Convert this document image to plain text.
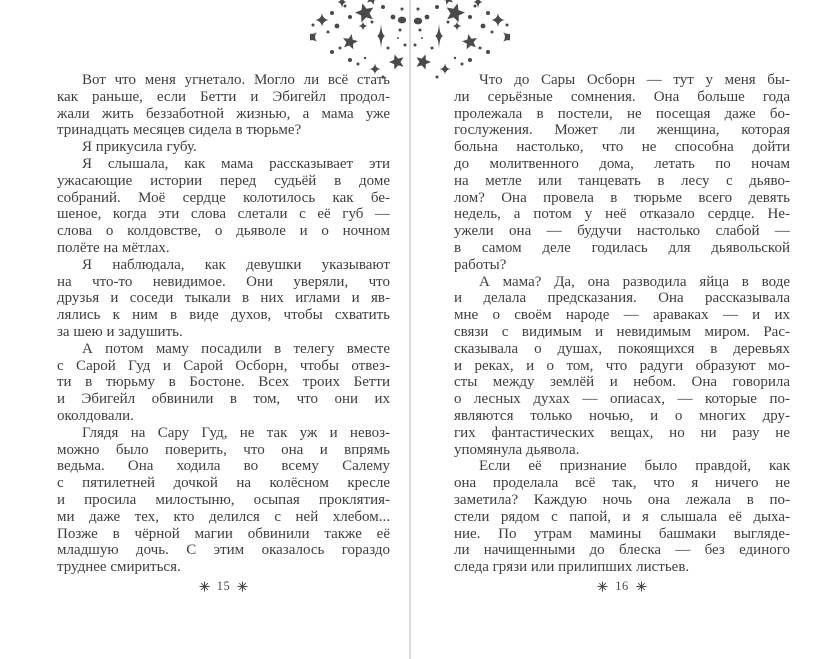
Вот что меня угнетало. Могло ли всё стать
как раньше, если Бетти и Эбигейл продол-
жали жить беззаботной жизнью, а мама уже
тринадцать месяцев сидела в тюрьме?
Я прикусила губу.
Я слышала, как мама рассказывает эти
ужасающие истории перед судьёй в доме
собраний. Моё сердце колотилось как бе-
шеное, когда эти слова слетали с её губ —
слова о колдовстве, о дьяволе и о ночном
полёте на мётлах.
Я наблюдала, как девушки указывают
на что-то невидимое. Они уверяли, что
друзья и соседи тыкали в них иглами и яв-
лялись к ним в виде духов, чтобы схватить
за шею и задушить.
А потом маму посадили в телегу вместе
с Сарой Гуд и Сарой Осборн, чтобы отвез-
ти в тюрьму в Бостоне. Всех троих Бетти
и Эбигейл обвинили в том, что они их
околдовали.
Глядя на Сару Гуд, не так уж и невоз-
можно было поверить, что она и впрямь
ведьма. Она ходила во всему Салему
с пятилетней дочкой на колёсном кресле
и просила милостыню, осыпая проклятия-
ми даже тех, кто делился с ней хлебом...
Позже в чёрной магии обвинили также её
младшую дочь. С этим оказалось гораздо
труднее смириться.
15
Что до Сары Осборн — тут у меня бы-
ли серьёзные сомнения. Она больше года
пролежала в постели, не посещая даже бо-
гослужения. Может ли женщина, которая
больна настолько, что не способна дойти
до молитвенного дома, летать по ночам
на метле или танцевать в лесу с дьяво-
лом? Она провела в тюрьме всего девять
недель, а потом у неё отказало сердце. Не-
ужели она — будучи настолько слабой —
в самом деле годилась для дьявольской
работы?
А мама? Да, она разводила яйца в воде
и делала предсказания. Она рассказывала
мне о своём народе — араваках — и их
связи с видимым и невидимым миром. Рас-
сказывала о душах, покоящихся в деревьях
и реках, и о том, что радуги образуют мо-
сты между землёй и небом. Она говорила
о лесных духах — опиасах, — которые по-
являются только ночью, и о многих дру-
гих фантастических вещах, но ни разу не
упомянула дьявола.
Если её признание было правдой, как
она проделала всё так, что я ничего не
заметила? Каждую ночь она лежала в по-
стели рядом с папой, и я слышала её дыха-
ние. По утрам мамины башмаки выгляде-
ли начищенными до блеска — без единого
следа грязи или прилипших листьев.
16
